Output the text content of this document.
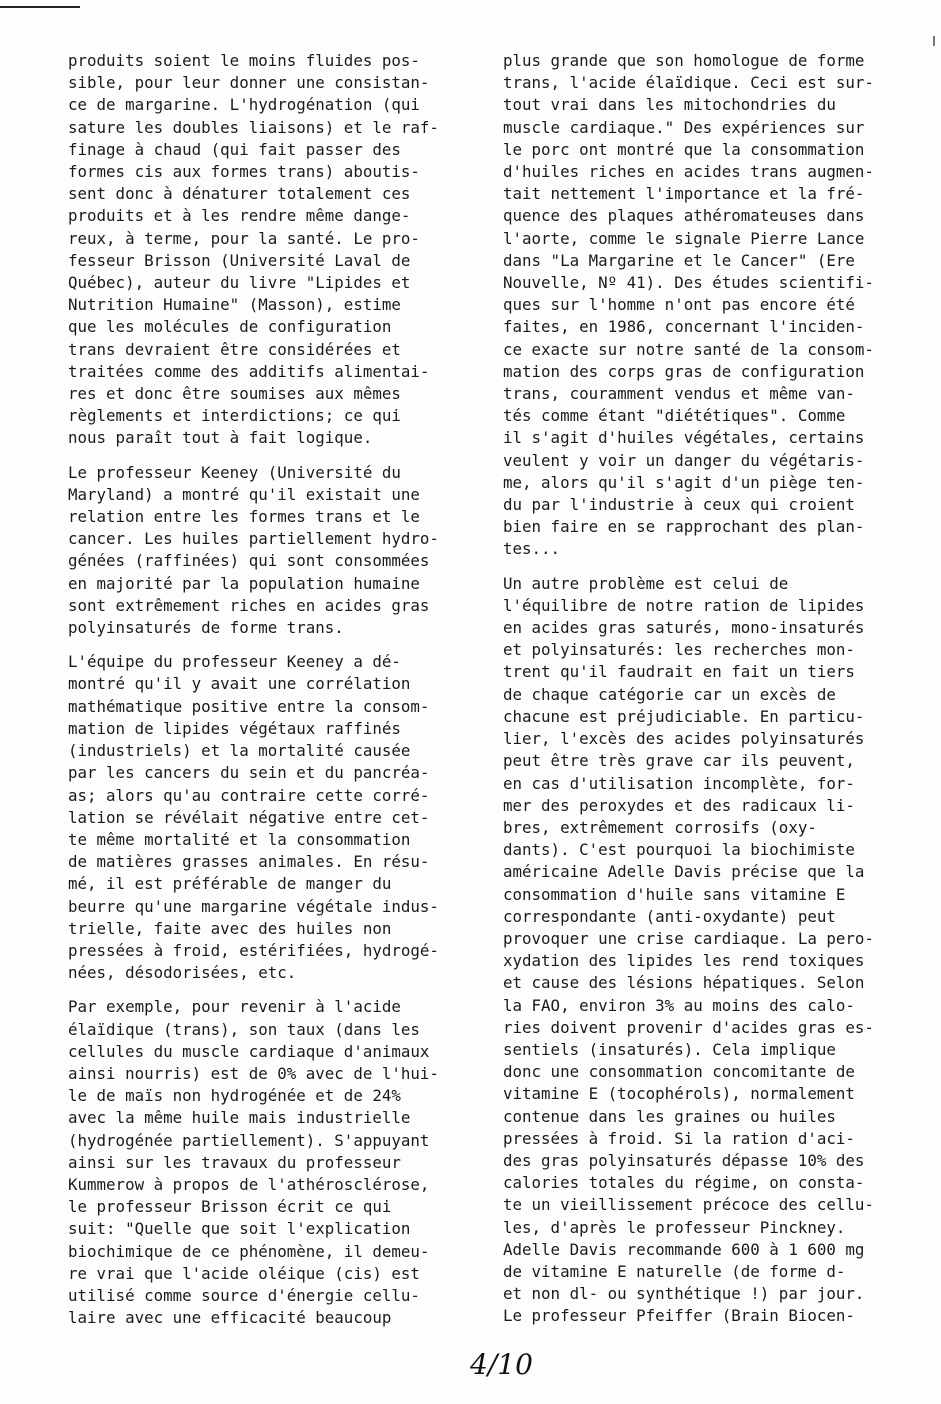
produits soient le moins fluides pos-
sible, pour leur donner une consistan-
ce de margarine. L'hydrogénation (qui
sature les doubles liaisons) et le raf-
finage à chaud (qui fait passer des
formes cis aux formes trans) aboutis-
sent donc à dénaturer totalement ces
produits et à les rendre même dange-
reux, à terme, pour la santé. Le pro-
fesseur Brisson (Université Laval de
Québec), auteur du livre "Lipides et
Nutrition Humaine" (Masson), estime
que les molécules de configuration
trans devraient être considérées et
traitées comme des additifs alimentai-
res et donc être soumises aux mêmes
règlements et interdictions; ce qui
nous paraît tout à fait logique.
Le professeur Keeney (Université du
Maryland) a montré qu'il existait une
relation entre les formes trans et le
cancer. Les huiles partiellement hydro-
génées (raffinées) qui sont consommées
en majorité par la population humaine
sont extrêmement riches en acides gras
polyinsaturés de forme trans.
L'équipe du professeur Keeney a dé-
montré qu'il y avait une corrélation
mathématique positive entre la consom-
mation de lipides végétaux raffinés
(industriels) et la mortalité causée
par les cancers du sein et du pancréa-
as; alors qu'au contraire cette corré-
lation se révélait négative entre cet-
te même mortalité et la consommation
de matières grasses animales. En résu-
mé, il est préférable de manger du
beurre qu'une margarine végétale indus-
trielle, faite avec des huiles non
pressées à froid, estérifiées, hydrogé-
nées, désodorisées, etc.
Par exemple, pour revenir à l'acide
élaïdique (trans), son taux (dans les
cellules du muscle cardiaque d'animaux
ainsi nourris) est de 0% avec de l'hui-
le de maïs non hydrogénée et de 24%
avec la même huile mais industrielle
(hydrogénée partiellement). S'appuyant
ainsi sur les travaux du professeur
Kummerow à propos de l'athérosclérose,
le professeur Brisson écrit ce qui
suit: "Quelle que soit l'explication
biochimique de ce phénomène, il demeu-
re vrai que l'acide oléique (cis) est
utilisé comme source d'énergie cellu-
laire avec une efficacité beaucoup
plus grande que son homologue de forme
trans, l'acide élaïdique. Ceci est sur-
tout vrai dans les mitochondries du
muscle cardiaque." Des expériences sur
le porc ont montré que la consommation
d'huiles riches en acides trans augmen-
tait nettement l'importance et la fré-
quence des plaques athéromateuses dans
l'aorte, comme le signale Pierre Lance
dans "La Margarine et le Cancer" (Ere
Nouvelle, Nº 41). Des études scientifi-
ques sur l'homme n'ont pas encore été
faites, en 1986, concernant l'inciden-
ce exacte sur notre santé de la consom-
mation des corps gras de configuration
trans, couramment vendus et même van-
tés comme étant "diététiques". Comme
il s'agit d'huiles végétales, certains
veulent y voir un danger du végétaris-
me, alors qu'il s'agit d'un piège ten-
du par l'industrie à ceux qui croient
bien faire en se rapprochant des plan-
tes...
Un autre problème est celui de
l'équilibre de notre ration de lipides
en acides gras saturés, mono-insaturés
et polyinsaturés: les recherches mon-
trent qu'il faudrait en fait un tiers
de chaque catégorie car un excès de
chacune est préjudiciable. En particu-
lier, l'excès des acides polyinsaturés
peut être très grave car ils peuvent,
en cas d'utilisation incomplète, for-
mer des peroxydes et des radicaux li-
bres, extrêmement corrosifs (oxy-
dants). C'est pourquoi la biochimiste
américaine Adelle Davis précise que la
consommation d'huile sans vitamine E
correspondante (anti-oxydante) peut
provoquer une crise cardiaque. La pero-
xydation des lipides les rend toxiques
et cause des lésions hépatiques. Selon
la FAO, environ 3% au moins des calo-
ries doivent provenir d'acides gras es-
sentiels (insaturés). Cela implique
donc une consommation concomitante de
vitamine E (tocophérols), normalement
contenue dans les graines ou huiles
pressées à froid. Si la ration d'aci-
des gras polyinsaturés dépasse 10% des
calories totales du régime, on consta-
te un vieillissement précoce des cellu-
les, d'après le professeur Pinckney.
Adelle Davis recommande 600 à 1 600 mg
de vitamine E naturelle (de forme d-
et non dl- ou synthétique !) par jour.
Le professeur Pfeiffer (Brain Biocen-
4/10
